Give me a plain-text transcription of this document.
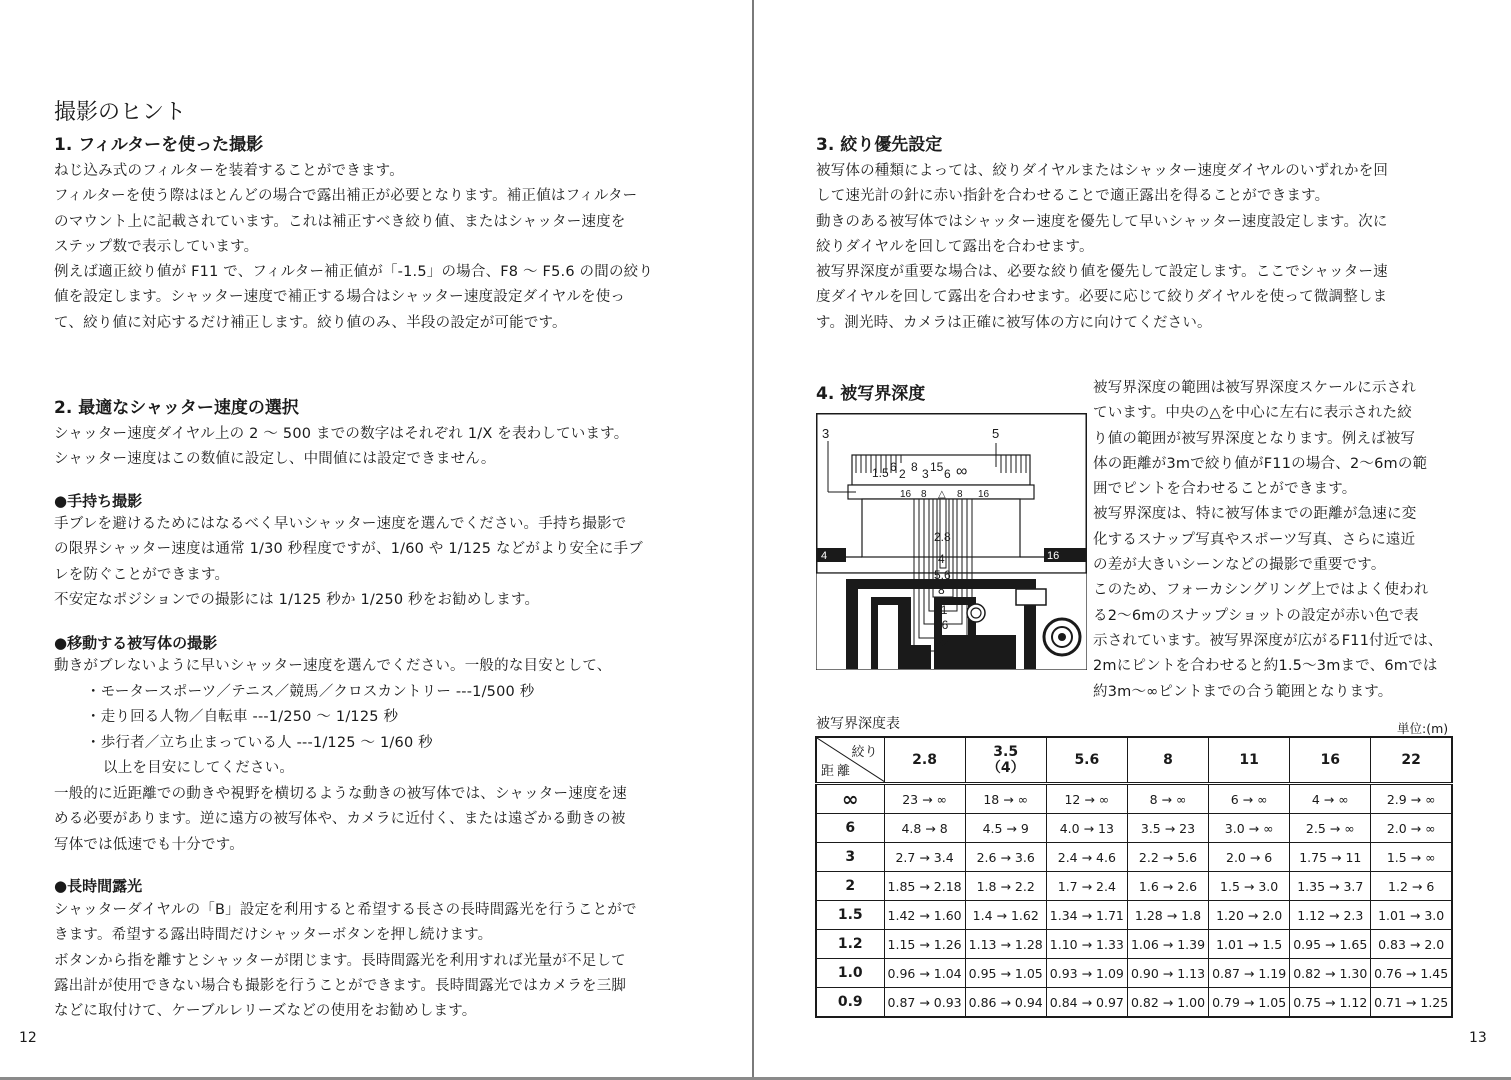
撮影のヒント
1. フィルターを使った撮影
ねじ込み式のフィルターを装着することができます。
フィルターを使う際はほとんどの場合で露出補正が必要となります。補正値はフィルター
のマウント上に記載されています。これは補正すべき絞り値、またはシャッター速度を
ステップ数で表示しています。
例えば適正絞り値が F11 で、フィルター補正値が「-1.5」の場合、F8 〜 F5.6 の間の絞り
値を設定します。シャッター速度で補正する場合はシャッター速度設定ダイヤルを使っ
て、絞り値に対応するだけ補正します。絞り値のみ、半段の設定が可能です。
2. 最適なシャッター速度の選択
シャッター速度ダイヤル上の 2 〜 500 までの数字はそれぞれ 1/X を表わしています。
シャッター速度はこの数値に設定し、中間値には設定できません。
●手持ち撮影
手ブレを避けるためにはなるべく早いシャッター速度を選んでください。手持ち撮影で
の限界シャッター速度は通常 1/30 秒程度ですが、1/60 や 1/125 などがより安全に手ブ
レを防ぐことができます。
不安定なポジションでの撮影には 1/125 秒か 1/250 秒をお勧めします。
●移動する被写体の撮影

動きがブレないように早いシャッター速度を選んでください。一般的な目安として、

・モータースポーツ／テニス／競馬／クロスカントリー ---1/500 秒
・走り回る人物／自転車 ---1/250 〜 1/125 秒
・歩行者／立ち止まっている人 ---1/125 〜 1/60 秒

以上を目安にしてください。

一般的に近距離での動きや視野を横切るような動きの被写体では、シャッター速度を速
める必要があります。逆に遠方の被写体や、カメラに近付く、または遠ざかる動きの被
写体では低速でも十分です。
●長時間露光
シャッターダイヤルの「B」設定を利用すると希望する長さの長時間露光を行うことがで
きます。希望する露出時間だけシャッターボタンを押し続けます。
ボタンから指を離すとシャッターが閉じます。長時間露光を利用すれば光量が不足して
露出計が使用できない場合も撮影を行うことができます。長時間露光ではカメラを三脚
などに取付けて、ケーブルレリーズなどの使用をお勧めします。
12
3. 絞り優先設定
被写体の種類によっては、絞りダイヤルまたはシャッター速度ダイヤルのいずれかを回
して速光計の針に赤い指針を合わせることで適正露出を得ることができます。
動きのある被写体ではシャッター速度を優先して早いシャッター速度設定します。次に
絞りダイヤルを回して露出を合わせます。
被写界深度が重要な場合は、必要な絞り値を優先して設定します。ここでシャッター速
度ダイヤルを回して露出を合わせます。必要に応じて絞りダイヤルを使って微調整しま
す。測光時、カメラは正確に被写体の方に向けてください。
4. 被写界深度	被写界深度の範囲は被写界深度スケールに示され
ています。中央の△を中心に左右に表示された絞
り値の範囲が被写界深度となります。例えば被写
体の距離が3mで絞り値がF11の場合、2〜6mの範
囲でピントを合わせることができます。
被写界深度は、特に被写体までの距離が急速に変
化するスナップ写真やスポーツ写真、さらに遠近
の差が大きいシーンなどの撮影で重要です。
このため、フォーカシングリング上ではよく使われ
る2〜6mのスナップショットの設定が赤い色で表
示されています。被写界深度が広がるF11付近では、
2mにピントを合わせると約1.5〜3mまで、6mでは
約3m〜∞ピントまでの合う範囲となります。
3	5
1.5 6 2 8 3 15 6 ∞
16 8 △ 8 16
4	16
2.8
4
5.6
8
11
16
22
被写界深度表	単位:(m)
絞り
距離	2.8	3.5
（4）	5.6	8	11	16	22
∞	23 → ∞	18 → ∞	12 → ∞	8 → ∞	6 → ∞	4 → ∞	2.9 → ∞
6	4.8 → 8	4.5 → 9	4.0 → 13	3.5 → 23	3.0 → ∞	2.5 → ∞	2.0 → ∞
3	2.7 → 3.4	2.6 → 3.6	2.4 → 4.6	2.2 → 5.6	2.0 → 6	1.75 → 11	1.5 → ∞
2	1.85 → 2.18	1.8 → 2.2	1.7 → 2.4	1.6 → 2.6	1.5 → 3.0	1.35 → 3.7	1.2 → 6
1.5	1.42 → 1.60	1.4 → 1.62	1.34 → 1.71	1.28 → 1.8	1.20 → 2.0	1.12 → 2.3	1.01 → 3.0
1.2	1.15 → 1.26	1.13 → 1.28	1.10 → 1.33	1.06 → 1.39	1.01 → 1.5	0.95 → 1.65	0.83 → 2.0
1.0	0.96 → 1.04	0.95 → 1.05	0.93 → 1.09	0.90 → 1.13	0.87 → 1.19	0.82 → 1.30	0.76 → 1.45
0.9	0.87 → 0.93	0.86 → 0.94	0.84 → 0.97	0.82 → 1.00	0.79 → 1.05	0.75 → 1.12	0.71 → 1.25
13
